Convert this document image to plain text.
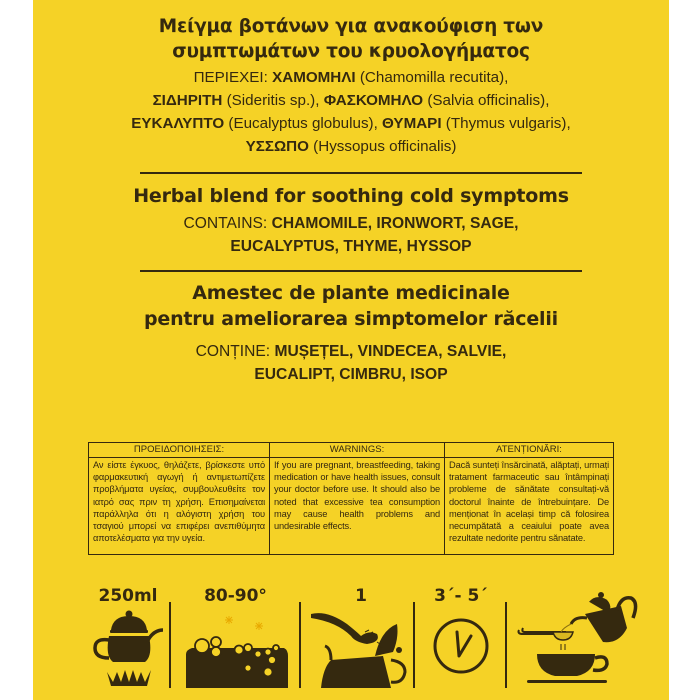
Μείγμα βοτάνων για ανακούφιση των
συμπτωμάτων του κρυολογήματος
ΠΕΡΙΕΧΕΙ: ΧΑΜΟΜΗΛΙ (Chamomilla recutita),
ΣΙΔΗΡΙΤΗ (Sideritis sp.), ΦΑΣΚΟΜΗΛΟ (Salvia officinalis),
ΕΥΚΑΛΥΠΤΟ (Eucalyptus globulus), ΘΥΜΑΡΙ (Thymus vulgaris),
ΥΣΣΩΠΟ (Hyssopus officinalis)
Herbal blend for soothing cold symptoms
CONTAINS: CHAMOMILE, IRONWORT, SAGE,
EUCALYPTUS, THYME, HYSSOP
Amestec de plante medicinale
pentru ameliorarea simptomelor răcelii
CONȚINE: MUȘEȚEL, VINDECEA, SALVIE,
EUCALIPT, CIMBRU, ISOP
ΠΡΟΕΙΔΟΠΟΙΗΣΕΙΣ:	WARNINGS:	ATENȚIONĂRI:
Αν είστε έγκυος, θηλάζετε, βρίσκεστε υπό φαρμακευτική αγωγή ή αντιμετωπίζετε προβλήματα υγείας, συμβουλευθείτε τον ιατρό σας πριν τη χρήση. Επισημαίνεται παράλληλα ότι η αλόγιστη χρήση του τσαγιού μπορεί να επιφέρει ανεπιθύμητα αποτελέσματα για την υγεία.
If you are pregnant, breastfeeding, taking medication or have health issues, consult your doctor before use. It should also be noted that excessive tea consumption may cause health problems and undesirable effects.
Dacă sunteți însărcinată, alăptați, urmați tratament farmaceutic sau întâmpinați probleme de sănătate consultați-vă doctorul înainte de întrebuințare. De menționat în același timp că folosirea necumpătată a ceaiului poate avea rezultate nedorite pentru sănatate.
250ml	80-90°	1	3´- 5´
